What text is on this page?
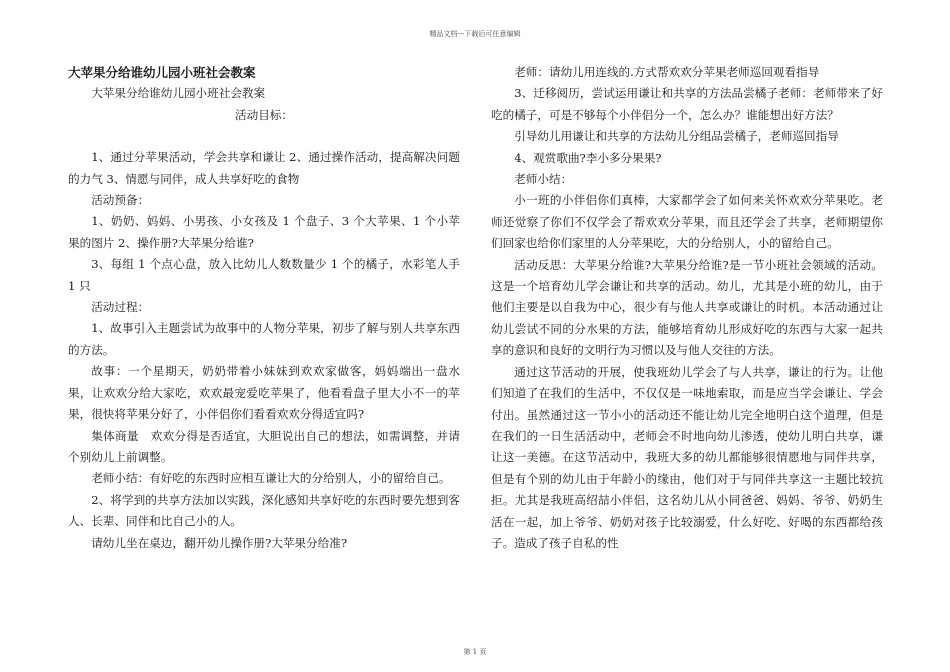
精品文档---下载后可任意编辑

大苹果分给谁幼儿园小班社会教案

大苹果分给谁幼儿园小班社会教案

活动目标：

1、通过分苹果活动，学会共享和谦让 2、通过操作活动，提高解决问题的力气 3、情愿与同伴，成人共享好吃的食物

活动预备：

1、奶奶、妈妈、小男孩、小女孩及 1 个盘子、3 个大苹果、1 个小苹果的图片 2、操作册?大苹果分给谁?

3、每组 1 个点心盘，放入比幼儿人数数量少 1 个的橘子，水彩笔人手 1 只

活动过程：

1、故事引入主题尝试为故事中的人物分苹果，初步了解与别人共享东西的方法。

故事：一个星期天，奶奶带着小妹妹到欢欢家做客，妈妈端出一盘水果，让欢欢分给大家吃，欢欢最宠爱吃苹果了，他看看盘子里大小不一的苹果，很快将苹果分好了，小伴侣你们看看欢欢分得适宜吗?

集体商量　欢欢分得是否适宜，大胆说出自己的想法，如需调整，并请个别幼儿上前调整。

老师小结：有好吃的东西时应相互谦让大的分给别人，小的留给自己。

2、将学到的共享方法加以实践，深化感知共享好吃的东西时要先想到客人、长辈、同伴和比自己小的人。

请幼儿坐在桌边，翻开幼儿操作册?大苹果分给准?

老师：请幼儿用连线的.方式帮欢欢分苹果老师巡回观看指导

3、迁移阅历，尝试运用谦让和共享的方法品尝橘子老师：老师带来了好吃的橘子，可是不够每个小伴侣分一个，怎么办？谁能想出好方法？

引导幼儿用谦让和共享的方法幼儿分组品尝橘子，老师巡回指导

4、观赏歌曲?李小多分果果?

老师小结：

小一班的小伴侣你们真棒，大家都学会了如何来关怀欢欢分苹果吃。老师还觉察了你们不仅学会了帮欢欢分苹果，而且还学会了共享，老师期望你们回家也给你们家里的人分苹果吃，大的分给别人，小的留给自己。

活动反思：大苹果分给谁?大苹果分给谁?是一节小班社会领域的活动。这是一个培育幼儿学会谦让和共享的活动。幼儿，尤其是小班的幼儿，由于他们主要是以自我为中心，很少有与他人共享或谦让的时机。本活动通过让幼儿尝试不同的分水果的方法，能够培育幼儿形成好吃的东西与大家一起共享的意识和良好的文明行为习惯以及与他人交往的方法。

通过这节活动的开展，使我班幼儿学会了与人共享，谦让的行为。让他们知道了在我们的生活中，不仅仅是一味地索取，而是应当学会谦让、学会付出。虽然通过这一节小小的活动还不能让幼儿完全地明白这个道理，但是在我们的一日生活活动中，老师会不时地向幼儿渗透，使幼儿明白共享，谦让这一美德。在这节活动中，我班大多的幼儿都能够很情愿地与同伴共享，但是有个别的幼儿由于年龄小的缘由，他们对于与同伴共享这一主题比较抗拒。尤其是我班高绍喆小伴侣，这名幼儿从小同爸爸、妈妈、爷爷、奶奶生活在一起，加上爷爷、奶奶对孩子比较溺爱，什么好吃、好喝的东西都给孩子。造成了孩子自私的性

第 1 页
